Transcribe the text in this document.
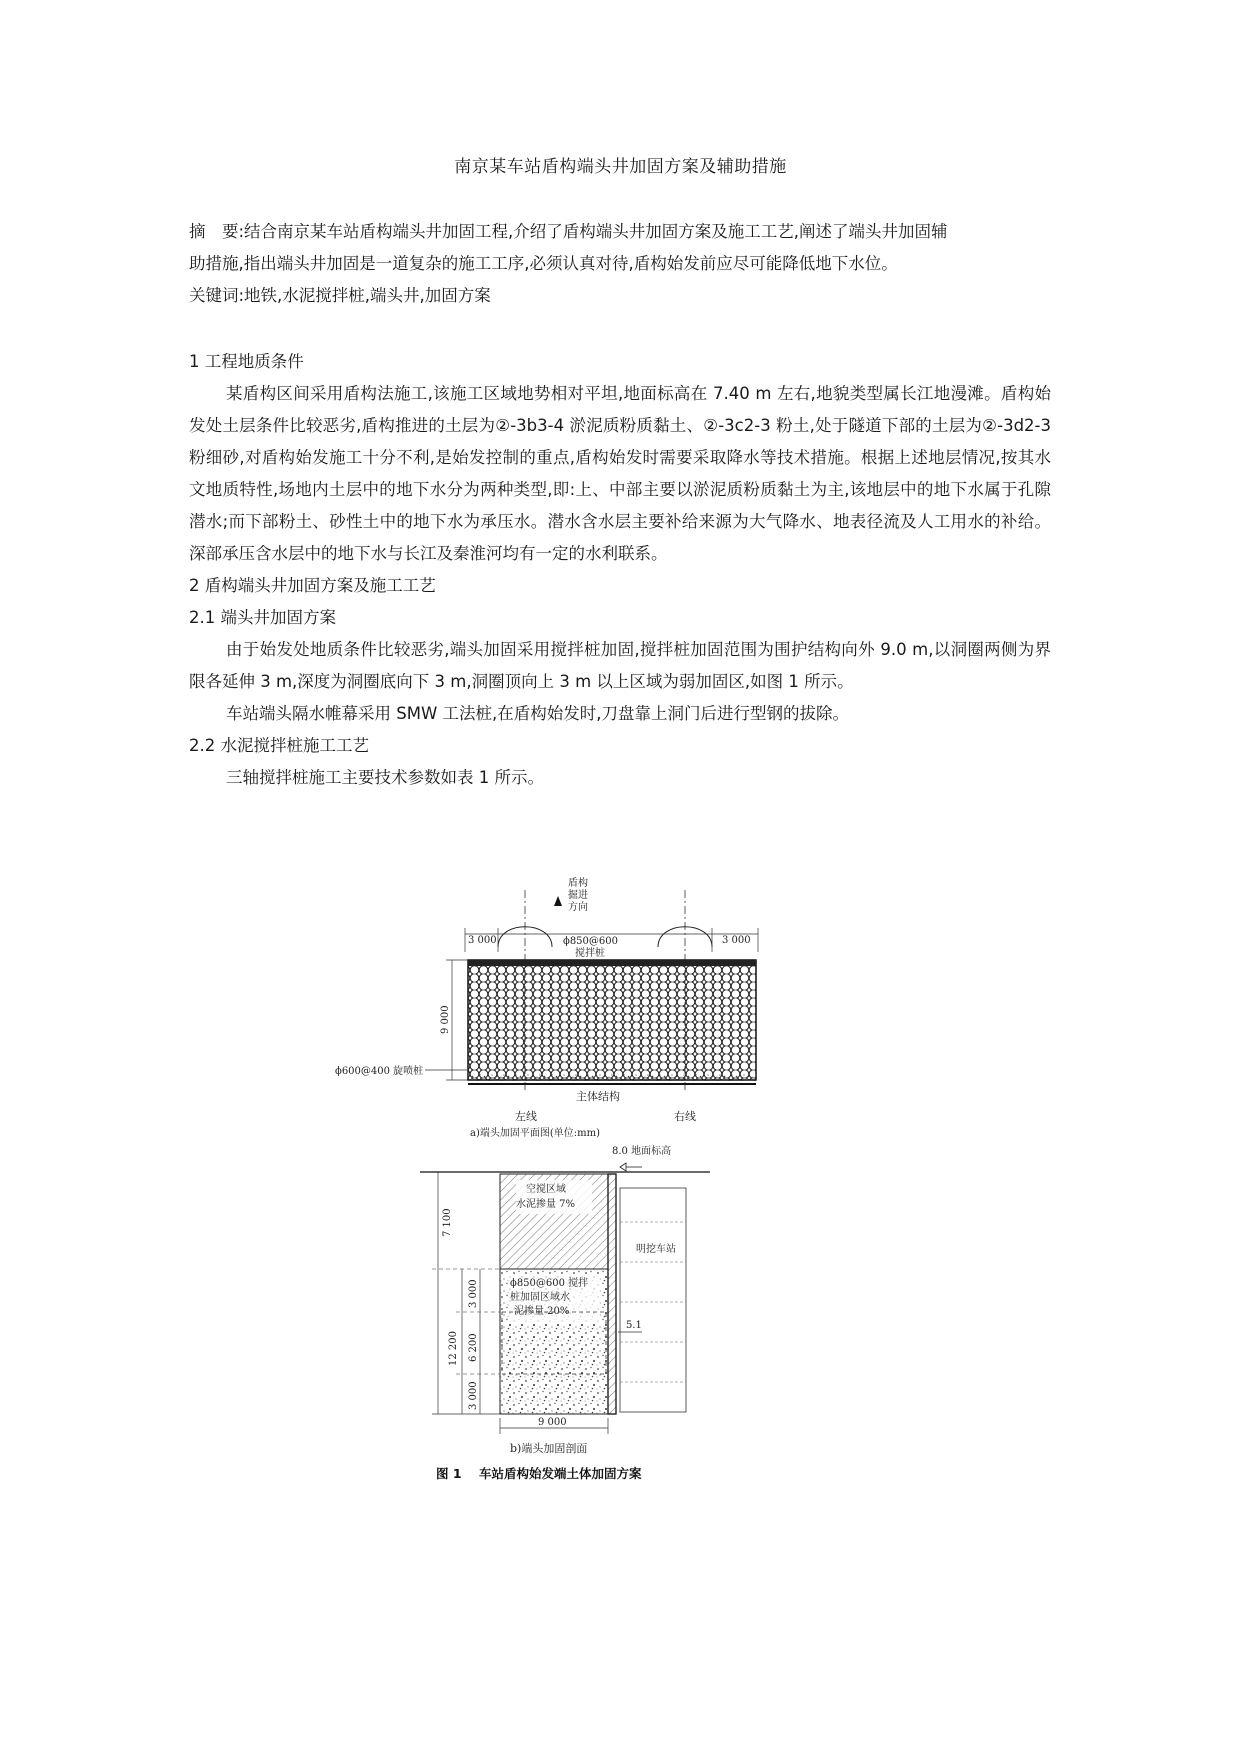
南京某车站盾构端头井加固方案及辅助措施

摘　要:结合南京某车站盾构端头井加固工程,介绍了盾构端头井加固方案及施工工艺,阐述了端头井加固辅

助措施,指出端头井加固是一道复杂的施工工序,必须认真对待,盾构始发前应尽可能降低地下水位。

关键词:地铁,水泥搅拌桩,端头井,加固方案

1 工程地质条件

某盾构区间采用盾构法施工,该施工区域地势相对平坦,地面标高在 7.40 m 左右,地貌类型属长江地漫滩。盾构始发处土层条件比较恶劣,盾构推进的土层为②-3b3-4 淤泥质粉质黏土、②-3c2-3 粉土,处于隧道下部的土层为②-3d2-3 粉细砂,对盾构始发施工十分不利,是始发控制的重点,盾构始发时需要采取降水等技术措施。根据上述地层情况,按其水文地质特性,场地内土层中的地下水分为两种类型,即:上、中部主要以淤泥质粉质黏土为主,该地层中的地下水属于孔隙潜水;而下部粉土、砂性土中的地下水为承压水。潜水含水层主要补给来源为大气降水、地表径流及人工用水的补给。深部承压含水层中的地下水与长江及秦淮河均有一定的水利联系。

2 盾构端头井加固方案及施工工艺

2.1 端头井加固方案

由于始发处地质条件比较恶劣,端头加固采用搅拌桩加固,搅拌桩加固范围为围护结构向外 9.0 m,以洞圈两侧为界限各延伸 3 m,深度为洞圈底向下 3 m,洞圈顶向上 3 m 以上区域为弱加固区,如图 1 所示。

车站端头隔水帷幕采用 SMW 工法桩,在盾构始发时,刀盘靠上洞门后进行型钢的拔除。

2.2 水泥搅拌桩施工工艺

三轴搅拌桩施工主要技术参数如表 1 所示。

盾构
掘进
方向
3 000	3 000
ϕ850@600
搅拌桩
9 000
ϕ600@400 旋喷桩
主体结构
左线	右线
a)端头加固平面图(单位:mm)
8.0 地面标高
空搅区域
水泥掺量 7%
ϕ850@600 搅拌
桩加固区域水
泥掺量 20%
明挖车站
5.1
7 100
3 000
6 200
12 200
3 000
9 000
b)端头加固剖面
图 1    车站盾构始发端土体加固方案
